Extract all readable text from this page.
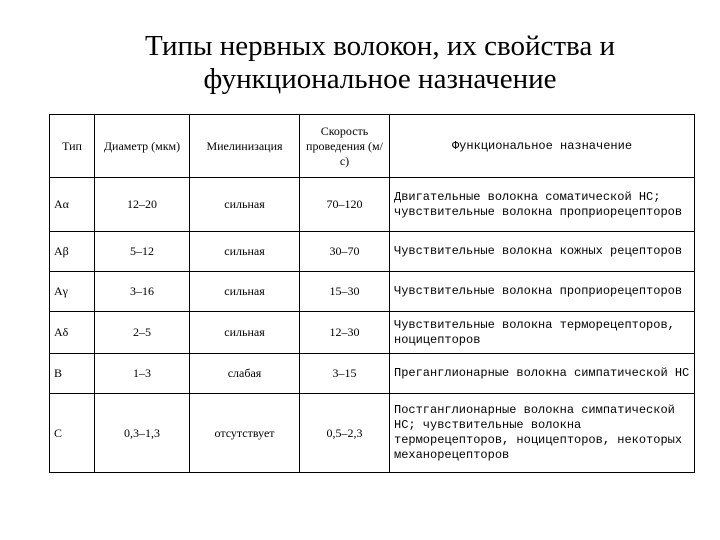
Типы нервных волокон, их свойства и
функциональное назначение
Тип	Диаметр (мкм)	Миелинизация	Скорость проведения (м/с)	Функциональное назначение
Aα	12–20	сильная	70–120	Двигательные волокна соматической НС; чувствительные волокна проприорецепторов
Aβ	5–12	сильная	30–70	Чувствительные волокна кожных рецепторов
Aγ	3–16	сильная	15–30	Чувствительные волокна проприорецепторов
Aδ	2–5	сильная	12–30	Чувствительные волокна терморецепторов, ноцицепторов
B	1–3	слабая	3–15	Преганглионарные волокна симпатической НС
C	0,3–1,3	отсутствует	0,5–2,3	Постганглионарные волокна симпатической НС; чувствительные волокна терморецепторов, ноцицепторов, некоторых механорецепторов
